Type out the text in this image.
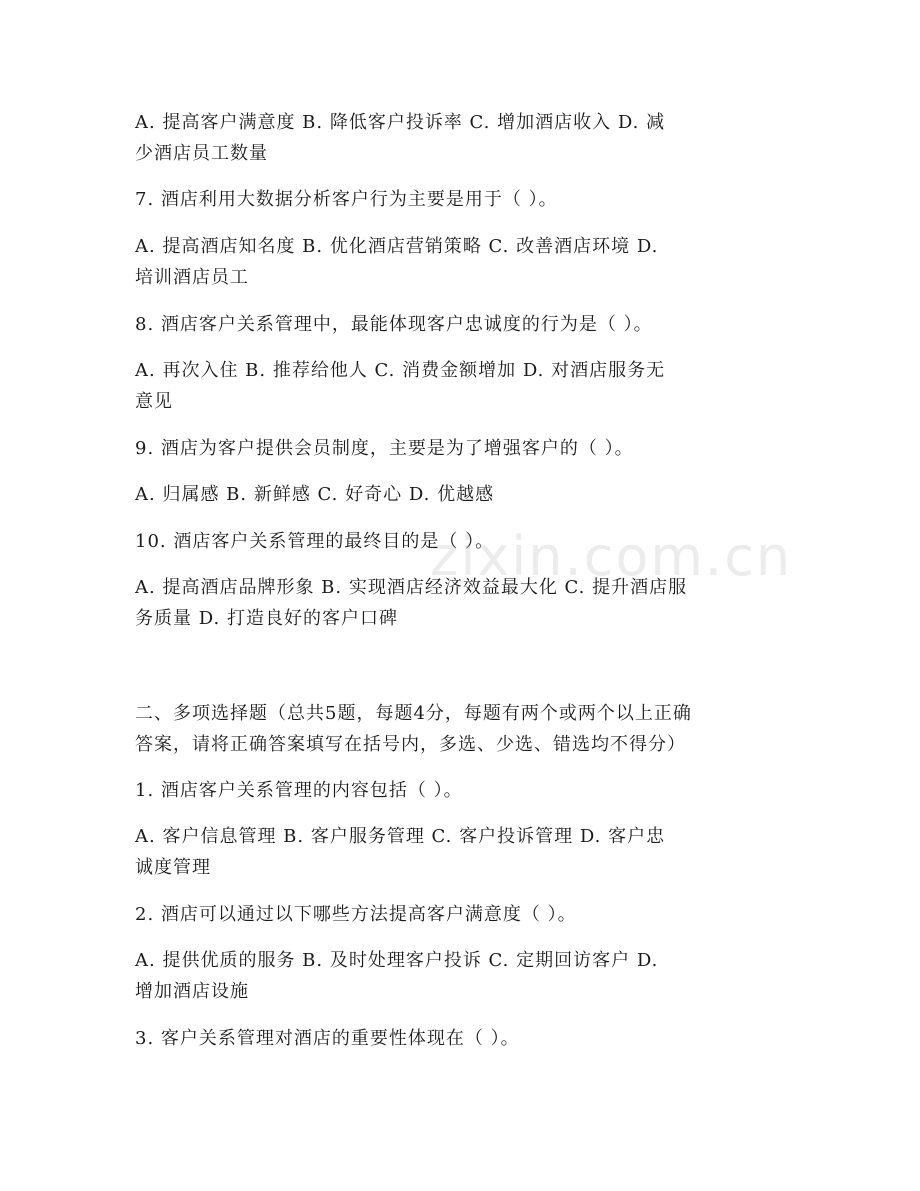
zixin.com.cn
A. 提高客户满意度 B. 降低客户投诉率 C. 增加酒店收入 D. 减
少酒店员工数量
7. 酒店利用大数据分析客户行为主要是用于（ ）。
A. 提高酒店知名度 B. 优化酒店营销策略 C. 改善酒店环境 D.
培训酒店员工
8. 酒店客户关系管理中，最能体现客户忠诚度的行为是（ ）。
A. 再次入住 B. 推荐给他人 C. 消费金额增加 D. 对酒店服务无
意见
9. 酒店为客户提供会员制度，主要是为了增强客户的（ ）。
A. 归属感 B. 新鲜感 C. 好奇心 D. 优越感
10. 酒店客户关系管理的最终目的是（ ）。
A. 提高酒店品牌形象 B. 实现酒店经济效益最大化 C. 提升酒店服
务质量 D. 打造良好的客户口碑
二、多项选择题（总共5题，每题4分，每题有两个或两个以上正确
答案，请将正确答案填写在括号内，多选、少选、错选均不得分）
1. 酒店客户关系管理的内容包括（ ）。
A. 客户信息管理 B. 客户服务管理 C. 客户投诉管理 D. 客户忠
诚度管理
2. 酒店可以通过以下哪些方法提高客户满意度（ ）。
A. 提供优质的服务 B. 及时处理客户投诉 C. 定期回访客户 D.
增加酒店设施
3. 客户关系管理对酒店的重要性体现在（ ）。
